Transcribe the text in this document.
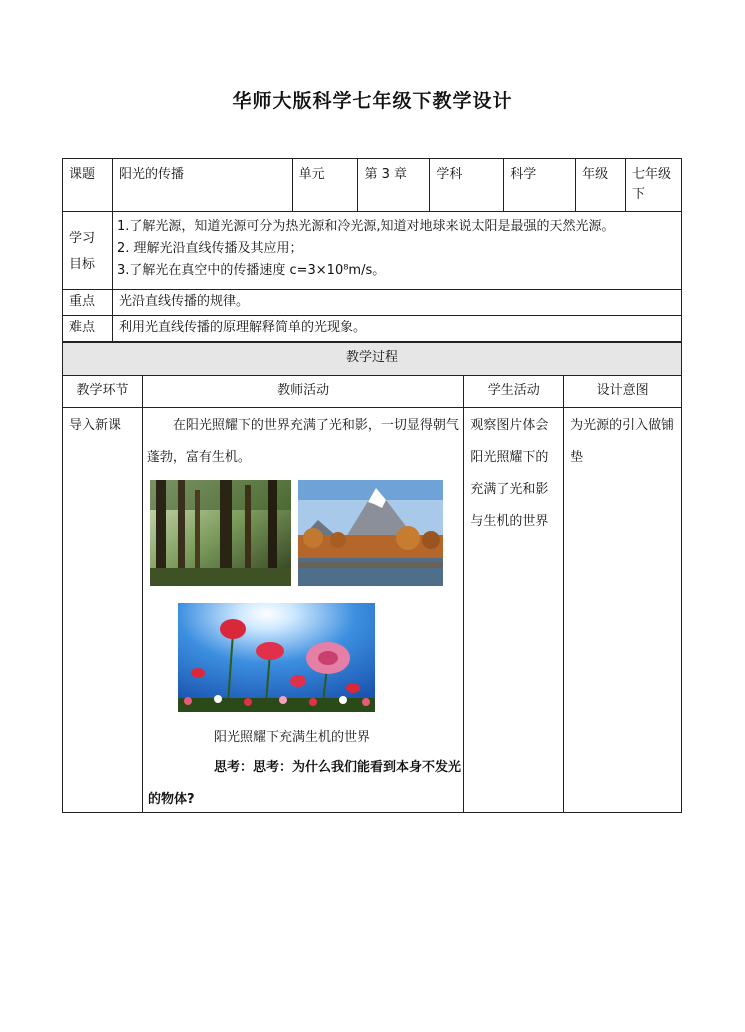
华师大版科学七年级下教学设计
课题	阳光的传播	单元	第 3 章	学科	科学	年级	七年级下
学习目标	1.了解光源，知道光源可分为热光源和冷光源,知道对地球来说太阳是最强的天然光源。
2. 理解光沿直线传播及其应用；
3.了解光在真空中的传播速度 c=3×10⁸m/s。						

重点	光沿直线传播的规律。						
难点	利用光直线传播的原理解释简单的光现象。						
教学过程			
教学环节	教师活动	学生活动	设计意图
导入新课	在阳光照耀下的世界充满了光和影，一切显得朝气蓬勃，富有生机。	观察图片体会阳光照耀下的充满了光和影与生机的世界	为光源的引入做铺垫
阳光照耀下充满生机的世界
思考：思考：为什么我们能看到本身不发光的物体?
